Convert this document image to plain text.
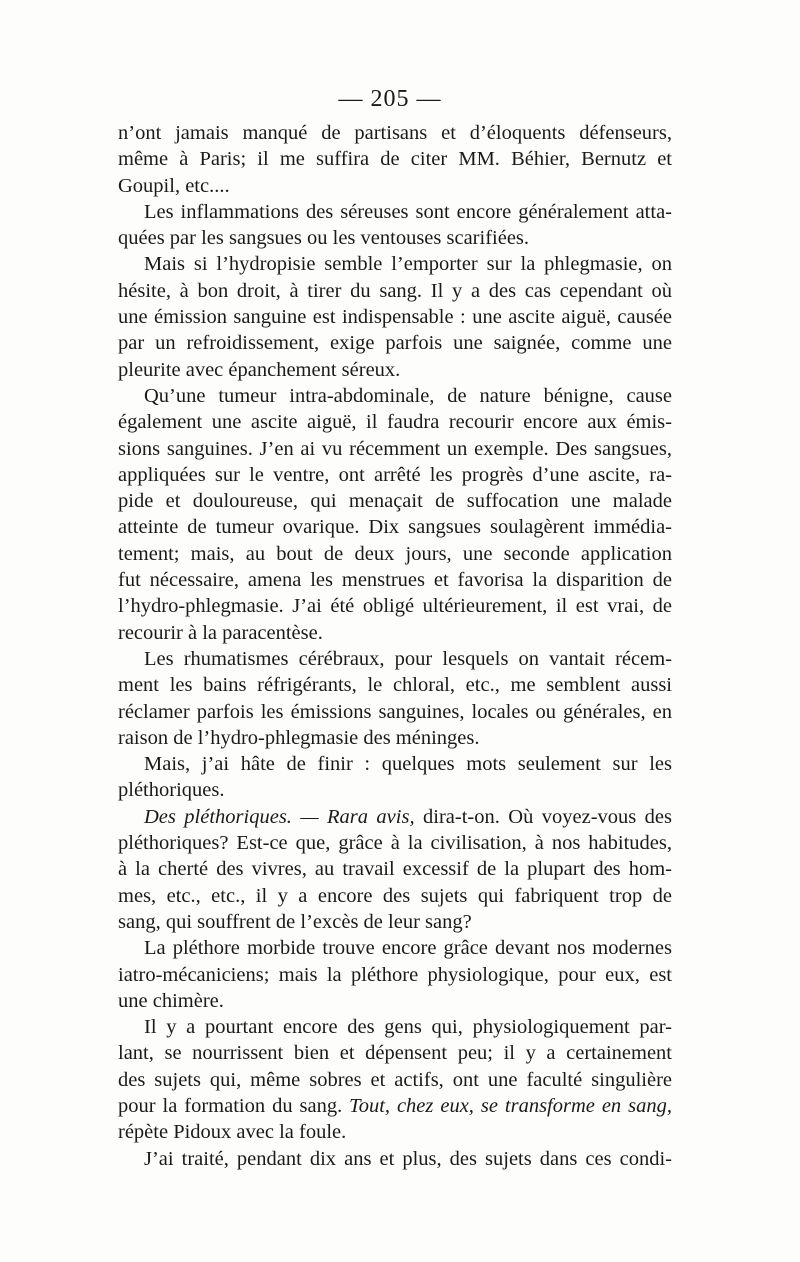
— 205 —
n’ont jamais manqué de partisans et d’éloquents défenseurs,
même à Paris; il me suffira de citer MM. Béhier, Bernutz et
Goupil, etc....
Les inflammations des séreuses sont encore généralement atta-
quées par les sangsues ou les ventouses scarifiées.
Mais si l’hydropisie semble l’emporter sur la phlegmasie, on
hésite, à bon droit, à tirer du sang. Il y a des cas cependant où
une émission sanguine est indispensable : une ascite aiguë, causée
par un refroidissement, exige parfois une saignée, comme une
pleurite avec épanchement séreux.
Qu’une tumeur intra-abdominale, de nature bénigne, cause
également une ascite aiguë, il faudra recourir encore aux émis-
sions sanguines. J’en ai vu récemment un exemple. Des sangsues,
appliquées sur le ventre, ont arrêté les progrès d’une ascite, ra-
pide et douloureuse, qui menaçait de suffocation une malade
atteinte de tumeur ovarique. Dix sangsues soulagèrent immédia-
tement; mais, au bout de deux jours, une seconde application
fut nécessaire, amena les menstrues et favorisa la disparition de
l’hydro-phlegmasie. J’ai été obligé ultérieurement, il est vrai, de
recourir à la paracentèse.
Les rhumatismes cérébraux, pour lesquels on vantait récem-
ment les bains réfrigérants, le chloral, etc., me semblent aussi
réclamer parfois les émissions sanguines, locales ou générales, en
raison de l’hydro-phlegmasie des méninges.
Mais, j’ai hâte de finir : quelques mots seulement sur les
pléthoriques.
Des pléthoriques. — Rara avis, dira-t-on. Où voyez-vous des
pléthoriques? Est-ce que, grâce à la civilisation, à nos habitudes,
à la cherté des vivres, au travail excessif de la plupart des hom-
mes, etc., etc., il y a encore des sujets qui fabriquent trop de
sang, qui souffrent de l’excès de leur sang?
La pléthore morbide trouve encore grâce devant nos modernes
iatro-mécaniciens; mais la pléthore physiologique, pour eux, est
une chimère.
Il y a pourtant encore des gens qui, physiologiquement par-
lant, se nourrissent bien et dépensent peu; il y a certainement
des sujets qui, même sobres et actifs, ont une faculté singulière
pour la formation du sang. Tout, chez eux, se transforme en sang,
répète Pidoux avec la foule.
J’ai traité, pendant dix ans et plus, des sujets dans ces condi-
